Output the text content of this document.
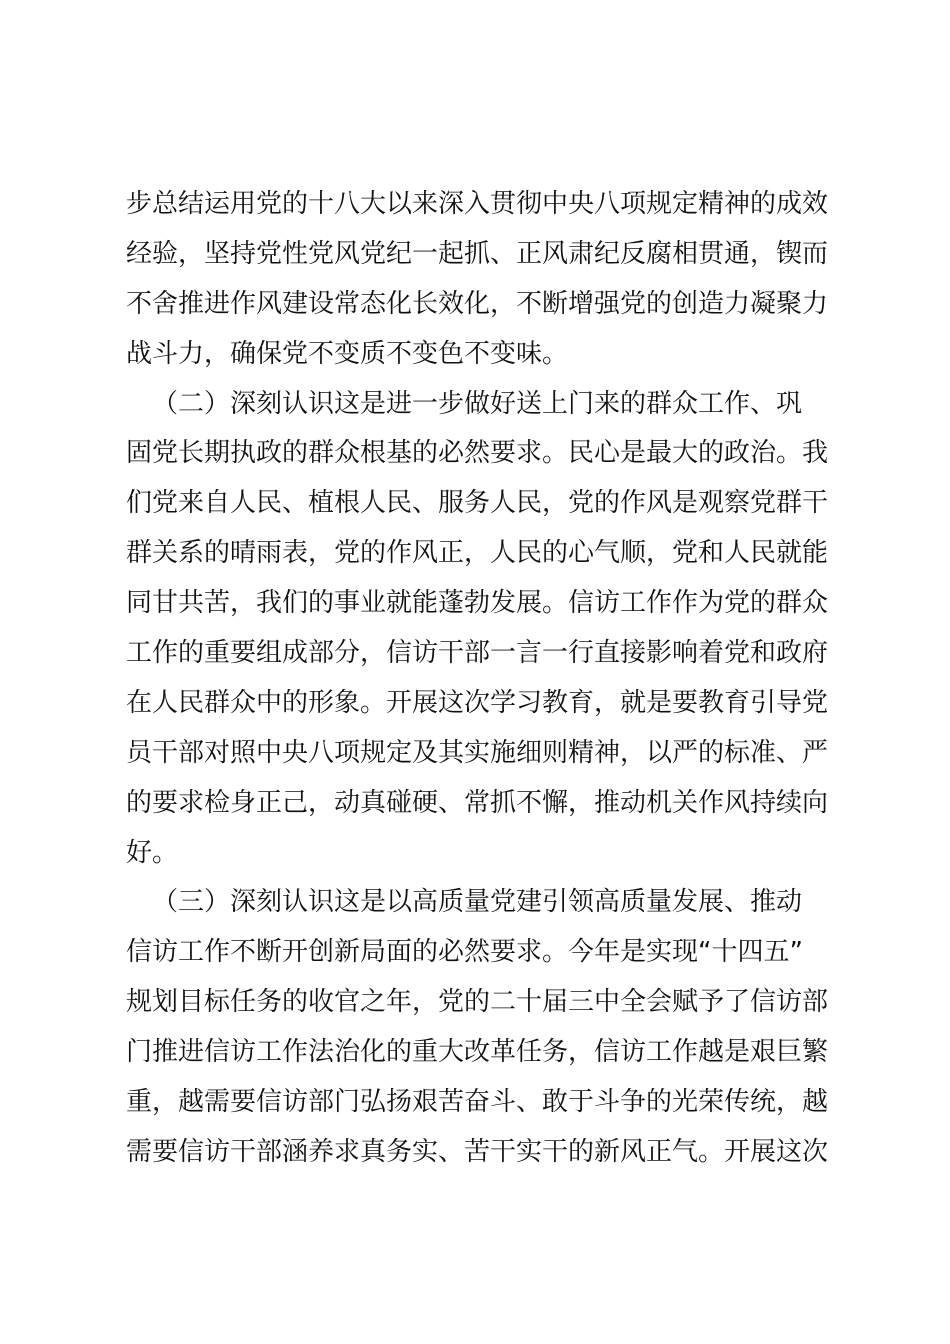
步总结运用党的十八大以来深入贯彻中央八项规定精神的成效
经验，坚持党性党风党纪一起抓、正风肃纪反腐相贯通，锲而
不舍推进作风建设常态化长效化，不断增强党的创造力凝聚力
战斗力，确保党不变质不变色不变味。
（二）深刻认识这是进一步做好送上门来的群众工作、巩
固党长期执政的群众根基的必然要求。民心是最大的政治。我
们党来自人民、植根人民、服务人民，党的作风是观察党群干
群关系的晴雨表，党的作风正，人民的心气顺，党和人民就能
同甘共苦，我们的事业就能蓬勃发展。信访工作作为党的群众
工作的重要组成部分，信访干部一言一行直接影响着党和政府
在人民群众中的形象。开展这次学习教育，就是要教育引导党
员干部对照中央八项规定及其实施细则精神，以严的标准、严
的要求检身正己，动真碰硬、常抓不懈，推动机关作风持续向
好。
（三）深刻认识这是以高质量党建引领高质量发展、推动
信访工作不断开创新局面的必然要求。今年是实现“十四五”
规划目标任务的收官之年，党的二十届三中全会赋予了信访部
门推进信访工作法治化的重大改革任务，信访工作越是艰巨繁
重，越需要信访部门弘扬艰苦奋斗、敢于斗争的光荣传统，越
需要信访干部涵养求真务实、苦干实干的新风正气。开展这次
